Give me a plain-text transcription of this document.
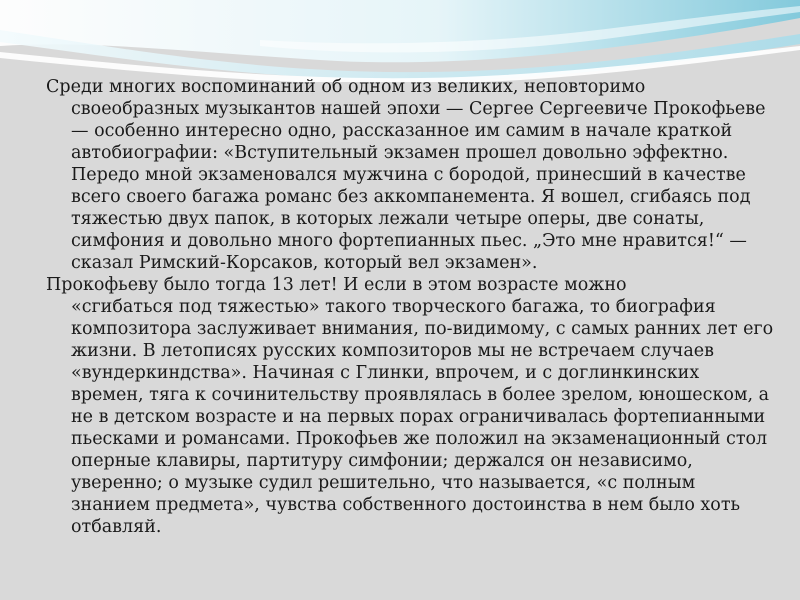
Среди многих воспоминаний об одном из великих, неповторимо
своеобразных музыкантов нашей эпохи — Сергее Сергеевиче Прокофьеве — особенно интересно одно, рассказанное им самим в начале краткой автобиографии: «Вступительный экзамен прошел довольно эффектно. Передо мной экзаменовался мужчина с бородой, принесший в качестве всего своего багажа романс без аккомпанемента. Я вошел, сгибаясь под тяжестью двух папок, в которых лежали четыре оперы, две сонаты, симфония и довольно много фортепианных пьес. „Это мне нравится!“ — сказал Римский-Корсаков, который вел экзамен».

Прокофьеву было тогда 13 лет! И если в этом возрасте можно
«сгибаться под тяжестью» такого творческого багажа, то биография композитора заслуживает внимания, по-видимому, с самых ранних лет его жизни. В летописях русских композиторов мы не встречаем случаев «вундеркиндства». Начиная с Глинки, впрочем, и с доглинкинских времен, тяга к сочинительству проявлялась в более зрелом, юношеском, а не в детском возрасте и на первых порах ограничивалась фортепианными пьесками и романсами. Прокофьев же положил на экзаменационный стол оперные клавиры, партитуру симфонии; держался он независимо, уверенно; о музыке судил решительно, что называется, «с полным знанием предмета», чувства собственного достоинства в нем было хоть отбавляй.
